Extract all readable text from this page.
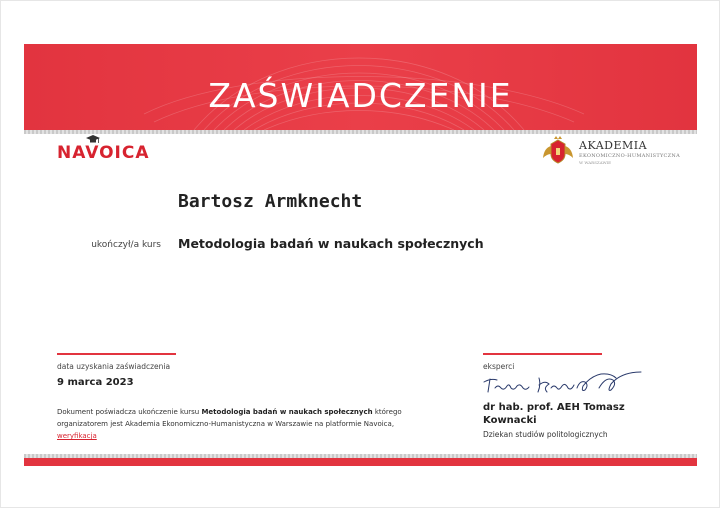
ZAŚWIADCZENIE
NAVOICA	AKADEMIA
EKONOMICZNO-HUMANISTYCZNA
W WARSZAWIE
Bartosz Armknecht
ukończył/a kurs Metodologia badań w naukach społecznych
data uzyskania zaświadczenia
9 marca 2023
Dokument poświadcza ukończenie kursu Metodologia badań w naukach społecznych którego organizatorem jest Akademia Ekonomiczno-Humanistyczna w Warszawie na platformie Navoica, weryfikacja
eksperci
dr hab. prof. AEH Tomasz Kownacki
Dziekan studiów politologicznych
